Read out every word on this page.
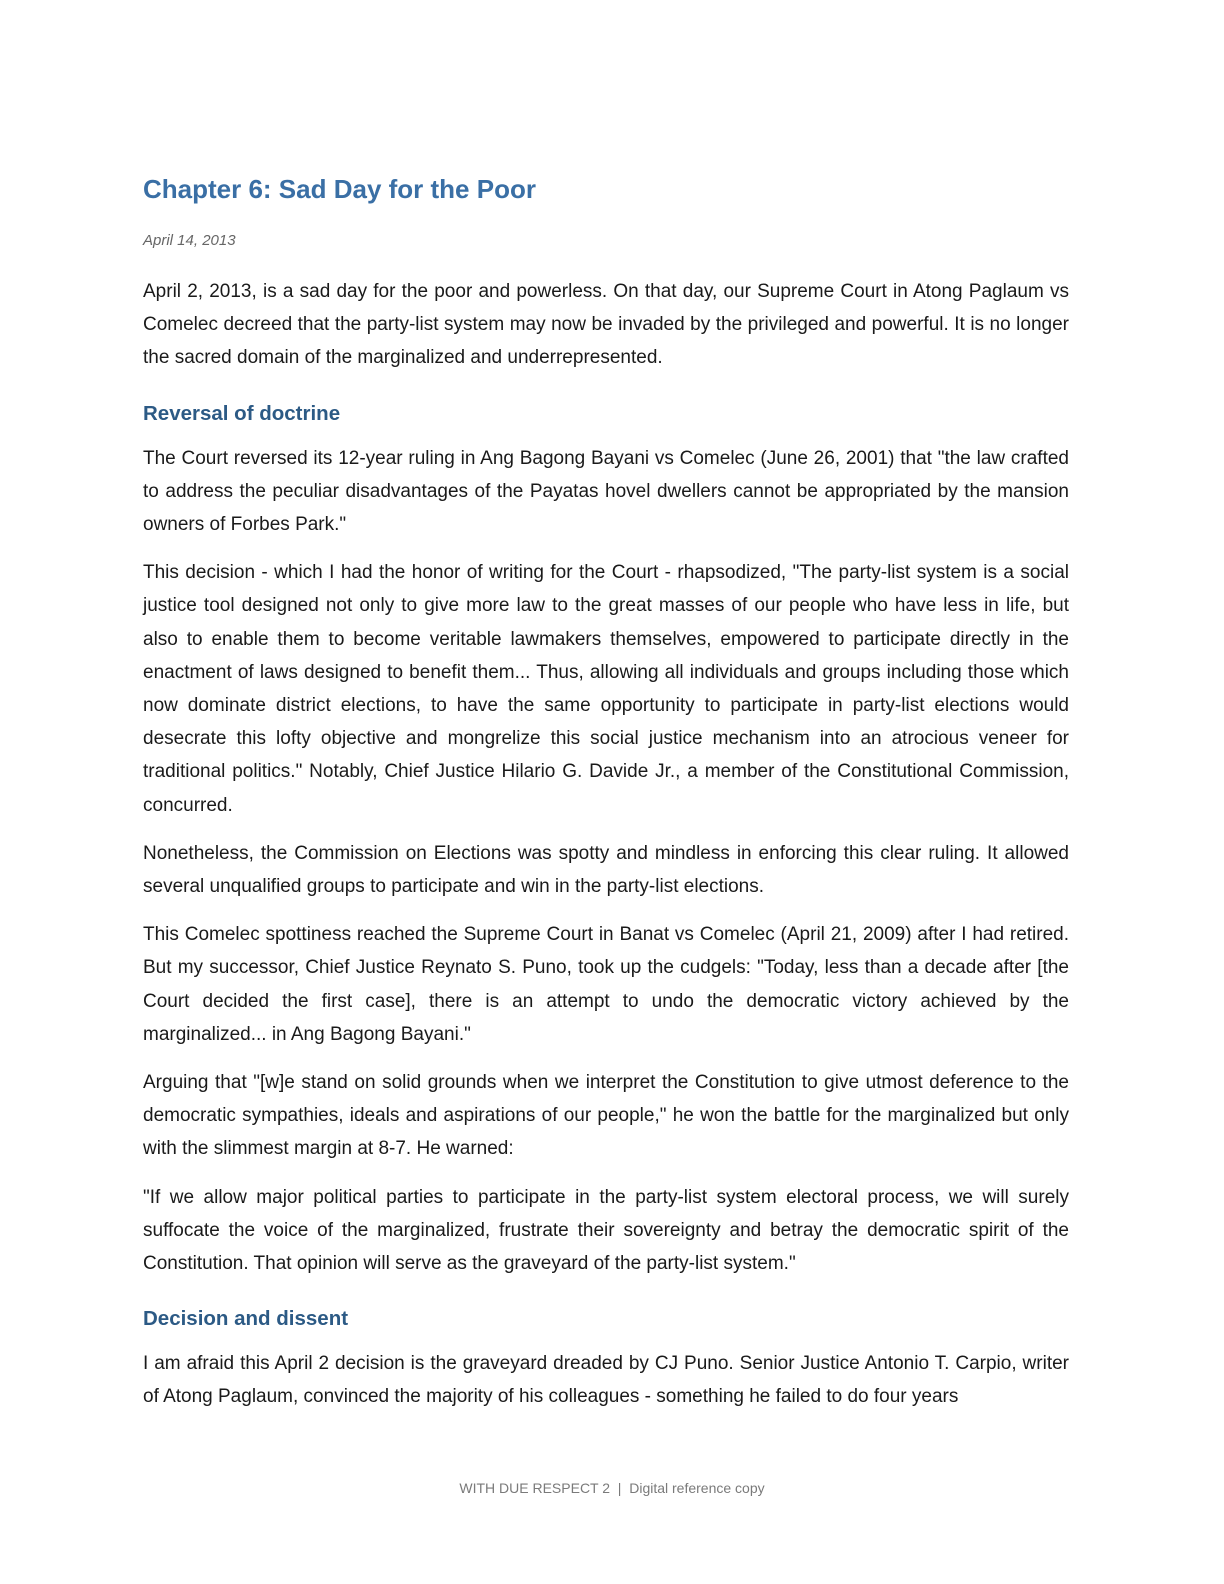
Chapter 6: Sad Day for the Poor
April 14, 2013

April 2, 2013, is a sad day for the poor and powerless. On that day, our Supreme Court in Atong Paglaum vs Comelec decreed that the party-list system may now be invaded by the privileged and powerful. It is no longer the sacred domain of the marginalized and underrepresented.

Reversal of doctrine

The Court reversed its 12-year ruling in Ang Bagong Bayani vs Comelec (June 26, 2001) that "the law crafted to address the peculiar disadvantages of the Payatas hovel dwellers cannot be appropriated by the mansion owners of Forbes Park."

This decision - which I had the honor of writing for the Court - rhapsodized, "The party-list system is a social justice tool designed not only to give more law to the great masses of our people who have less in life, but also to enable them to become veritable lawmakers themselves, empowered to participate directly in the enactment of laws designed to benefit them... Thus, allowing all individuals and groups including those which now dominate district elections, to have the same opportunity to participate in party-list elections would desecrate this lofty objective and mongrelize this social justice mechanism into an atrocious veneer for traditional politics." Notably, Chief Justice Hilario G. Davide Jr., a member of the Constitutional Commission, concurred.

Nonetheless, the Commission on Elections was spotty and mindless in enforcing this clear ruling. It allowed several unqualified groups to participate and win in the party-list elections.

This Comelec spottiness reached the Supreme Court in Banat vs Comelec (April 21, 2009) after I had retired. But my successor, Chief Justice Reynato S. Puno, took up the cudgels: "Today, less than a decade after [the Court decided the first case], there is an attempt to undo the democratic victory achieved by the marginalized... in Ang Bagong Bayani."

Arguing that "[w]e stand on solid grounds when we interpret the Constitution to give utmost deference to the democratic sympathies, ideals and aspirations of our people," he won the battle for the marginalized but only with the slimmest margin at 8-7. He warned:

"If we allow major political parties to participate in the party-list system electoral process, we will surely suffocate the voice of the marginalized, frustrate their sovereignty and betray the democratic spirit of the Constitution. That opinion will serve as the graveyard of the party-list system."

Decision and dissent

I am afraid this April 2 decision is the graveyard dreaded by CJ Puno. Senior Justice Antonio T. Carpio, writer of Atong Paglaum, convinced the majority of his colleagues - something he failed to do four years

WITH DUE RESPECT 2  |  Digital reference copy
